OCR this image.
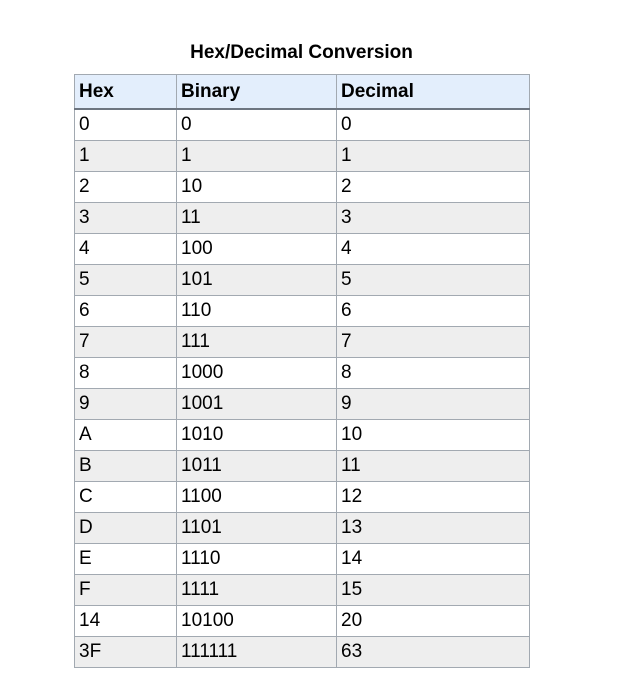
Hex/Decimal Conversion
Hex	Binary	Decimal
0	0	0
1	1	1
2	10	2
3	11	3
4	100	4
5	101	5
6	110	6
7	111	7
8	1000	8
9	1001	9
A	1010	10
B	1011	11
C	1100	12
D	1101	13
E	1110	14
F	1111	15
14	10100	20
3F	111111	63
